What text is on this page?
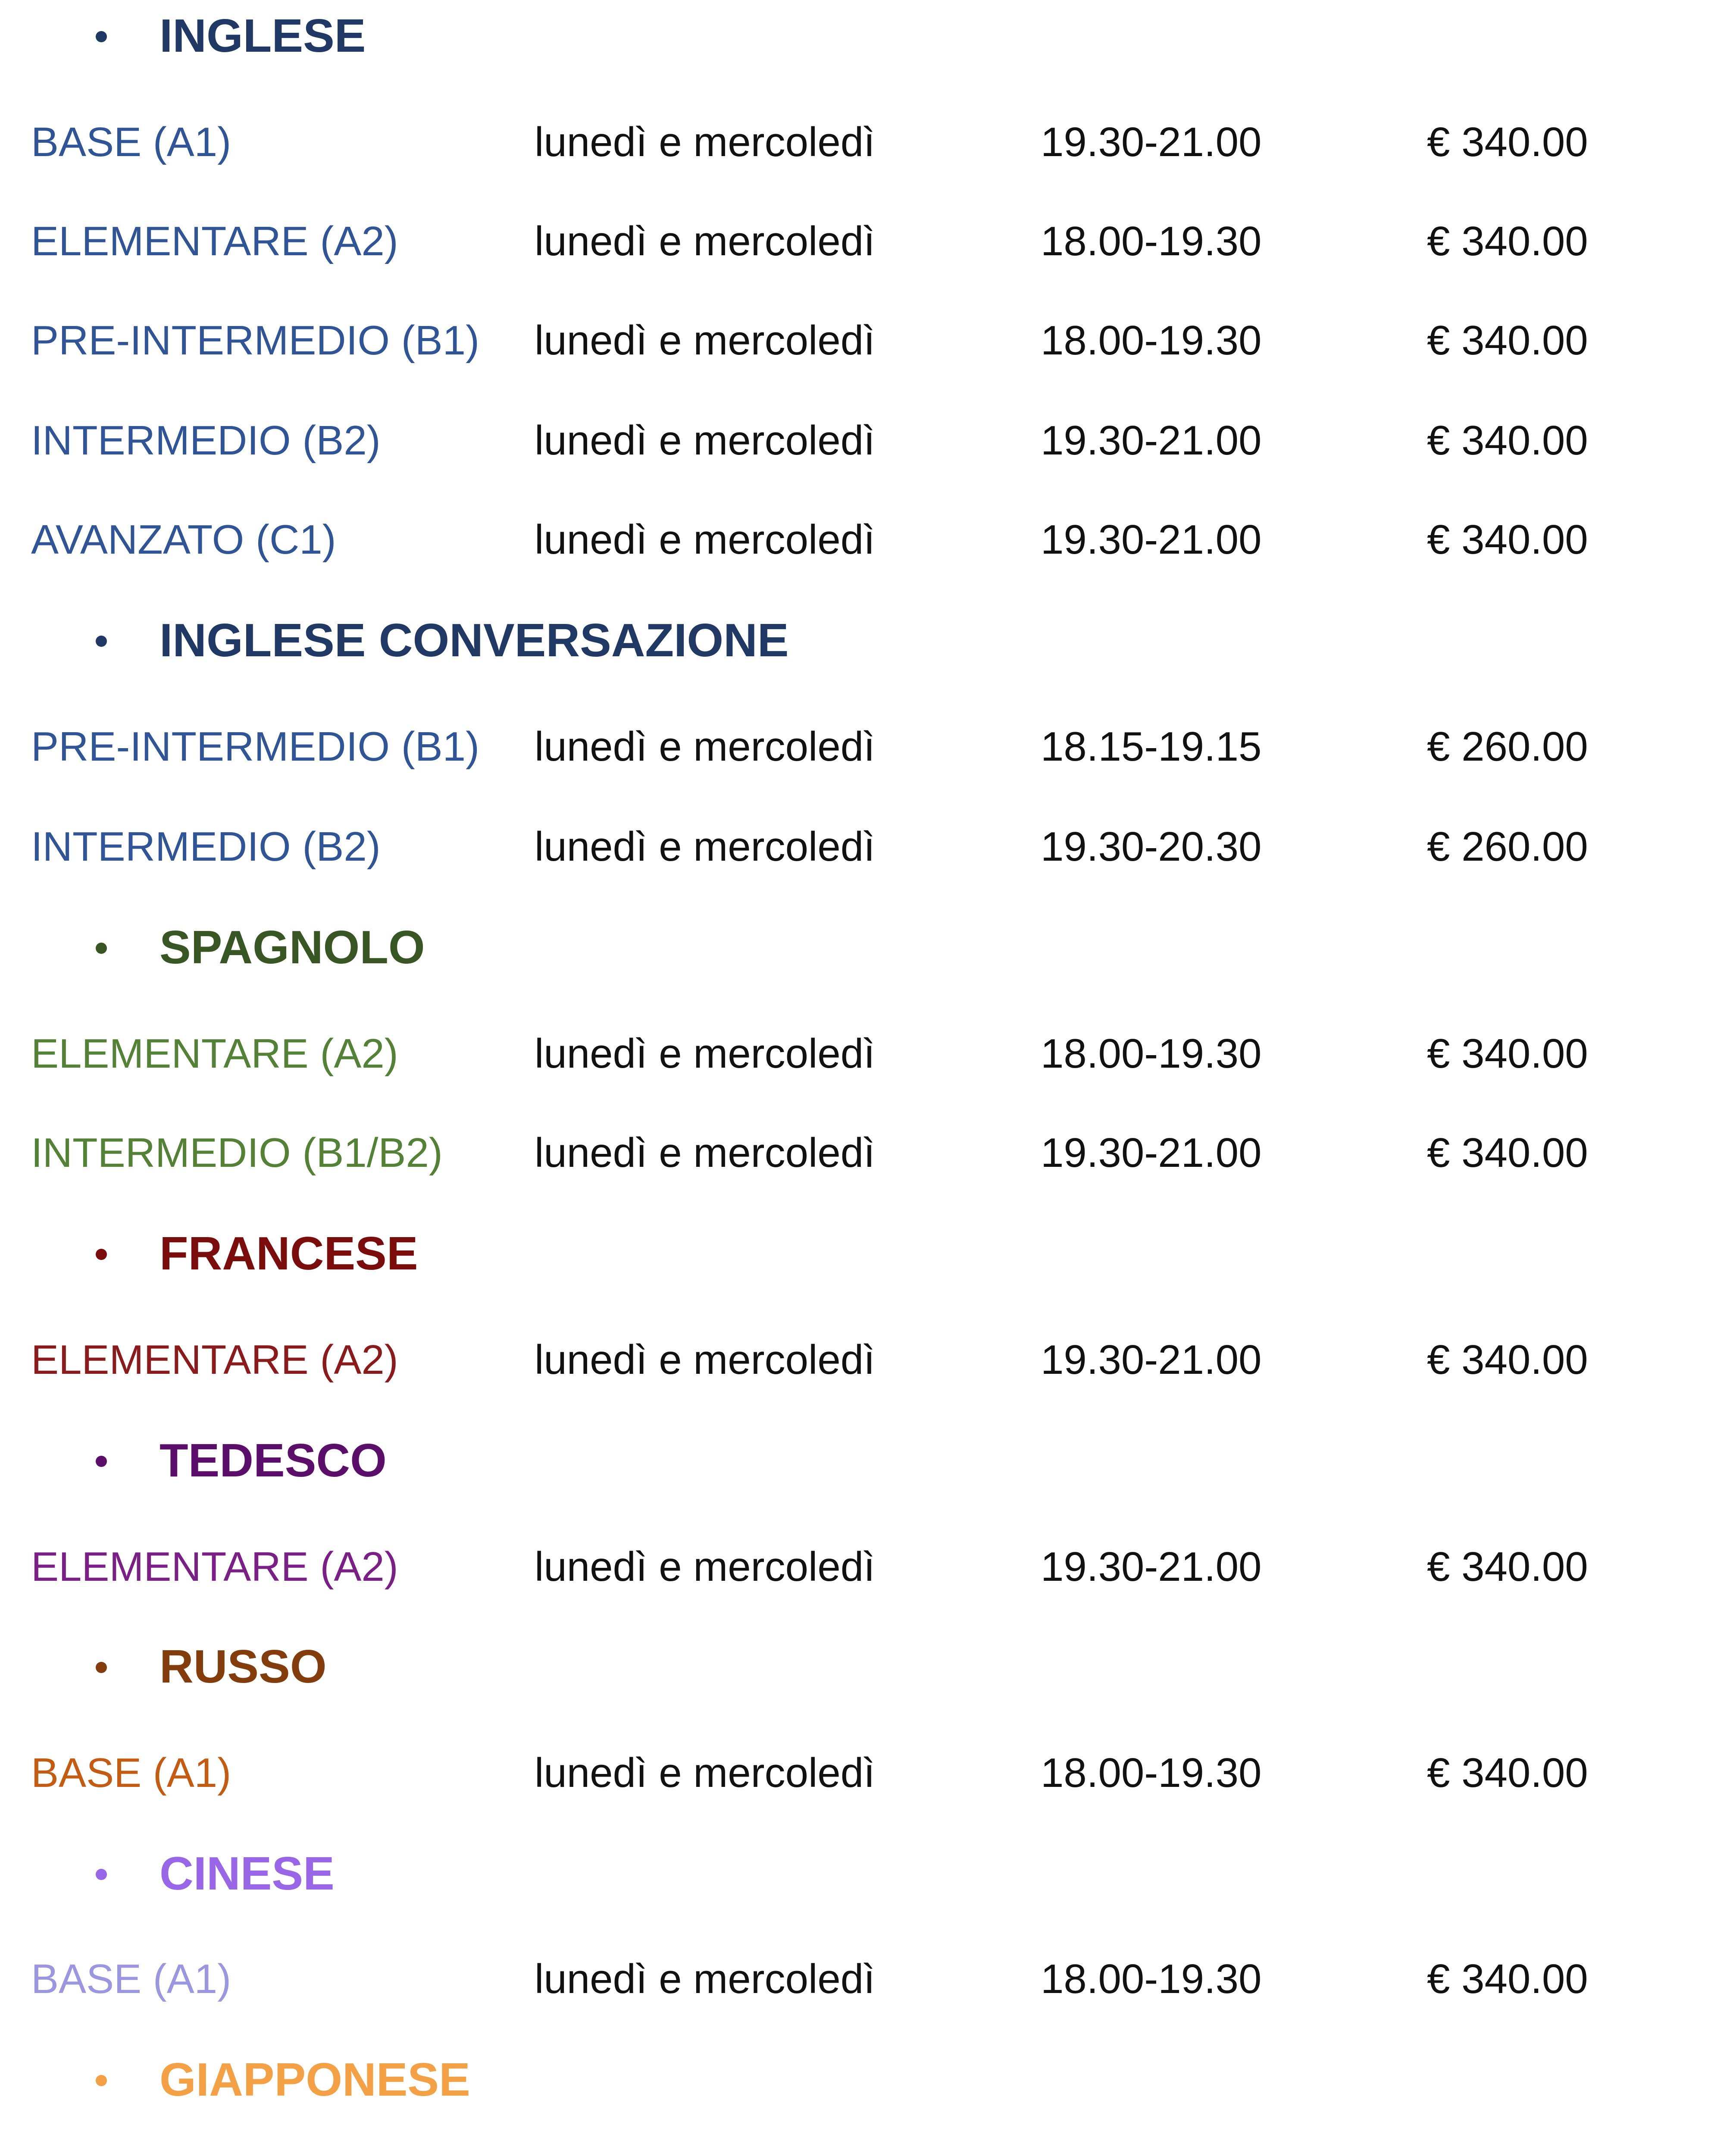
INGLESE
BASE (A1)	lunedì e mercoledì	19.30-21.00	€ 340.00
ELEMENTARE (A2)	lunedì e mercoledì	18.00-19.30	€ 340.00
PRE-INTERMEDIO (B1) lunedì e mercoledì	18.00-19.30	€ 340.00
INTERMEDIO (B2)	lunedì e mercoledì	19.30-21.00	€ 340.00
AVANZATO (C1)	lunedì e mercoledì	19.30-21.00	€ 340.00
INGLESE CONVERSAZIONE
PRE-INTERMEDIO (B1) lunedì e mercoledì	18.15-19.15	€ 260.00
INTERMEDIO (B2)	lunedì e mercoledì	19.30-20.30	€ 260.00
SPAGNOLO
ELEMENTARE (A2)	lunedì e mercoledì	18.00-19.30	€ 340.00
INTERMEDIO (B1/B2) lunedì e mercoledì	19.30-21.00	€ 340.00
FRANCESE
ELEMENTARE (A2)	lunedì e mercoledì	19.30-21.00	€ 340.00
TEDESCO
ELEMENTARE (A2)	lunedì e mercoledì	19.30-21.00	€ 340.00
RUSSO
BASE (A1)	lunedì e mercoledì	18.00-19.30	€ 340.00
CINESE
BASE (A1)	lunedì e mercoledì	18.00-19.30	€ 340.00
GIAPPONESE
